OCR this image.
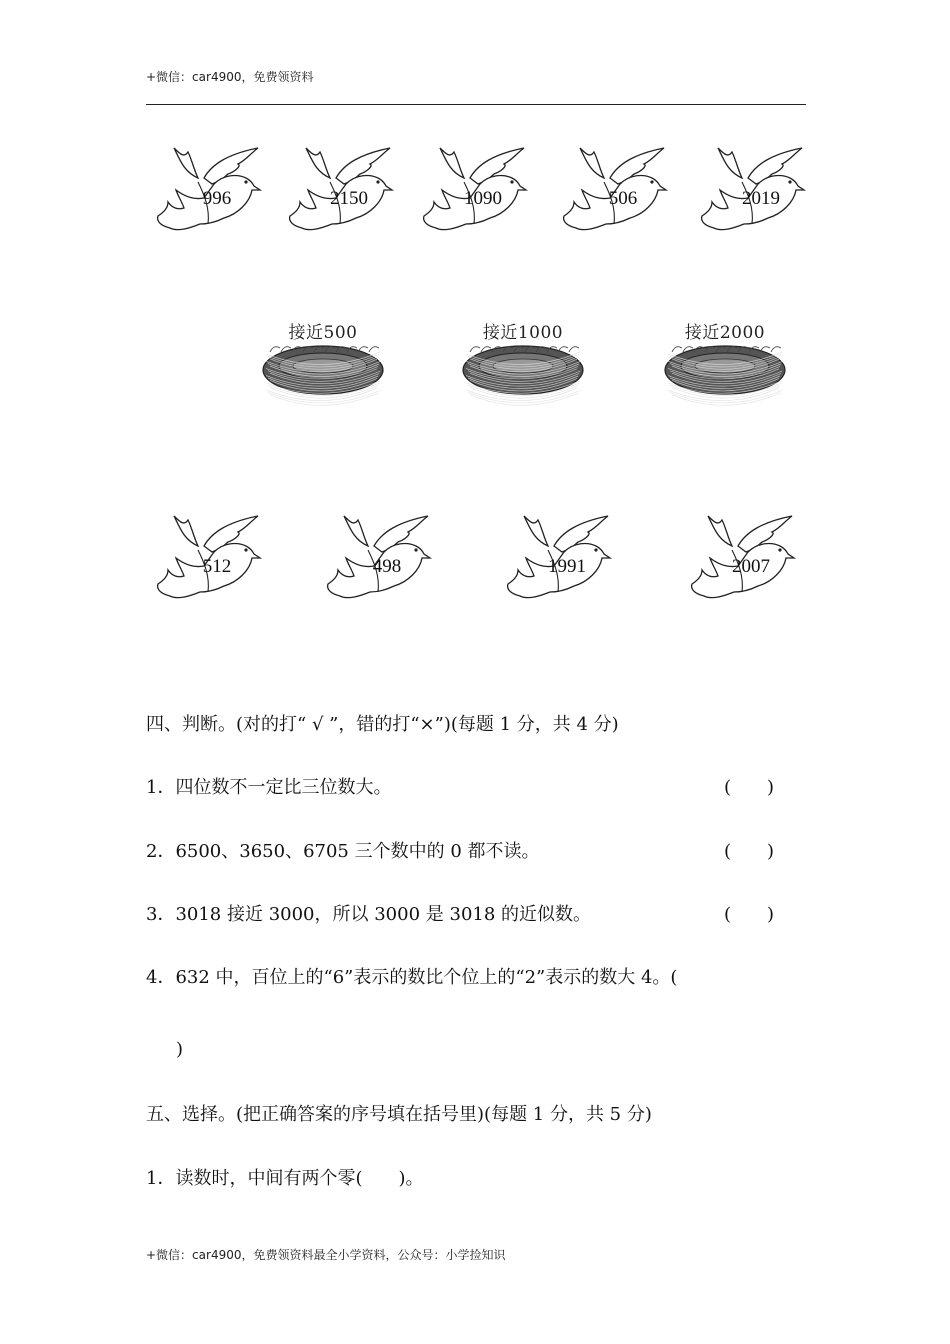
+微信：car4900，免费领资料
996	2150	1090	506	2019
接近500	接近1000	接近2000
512	498	1991	2007
四、判断。(对的打“ √ ”，错的打“×”)(每题 1 分，共 4 分)
1．四位数不一定比三位数大。	(　　)
2．6500、3650、6705 三个数中的 0 都不读。	(　　)
3．3018 接近 3000，所以 3000 是 3018 的近似数。	(　　)
4．632 中，百位上的“6”表示的数比个位上的“2”表示的数大 4。(
)
五、选择。(把正确答案的序号填在括号里)(每题 1 分，共 5 分)
1．读数时，中间有两个零(　　)。
+微信：car4900，免费领资料最全小学资料，公众号：小学捡知识
